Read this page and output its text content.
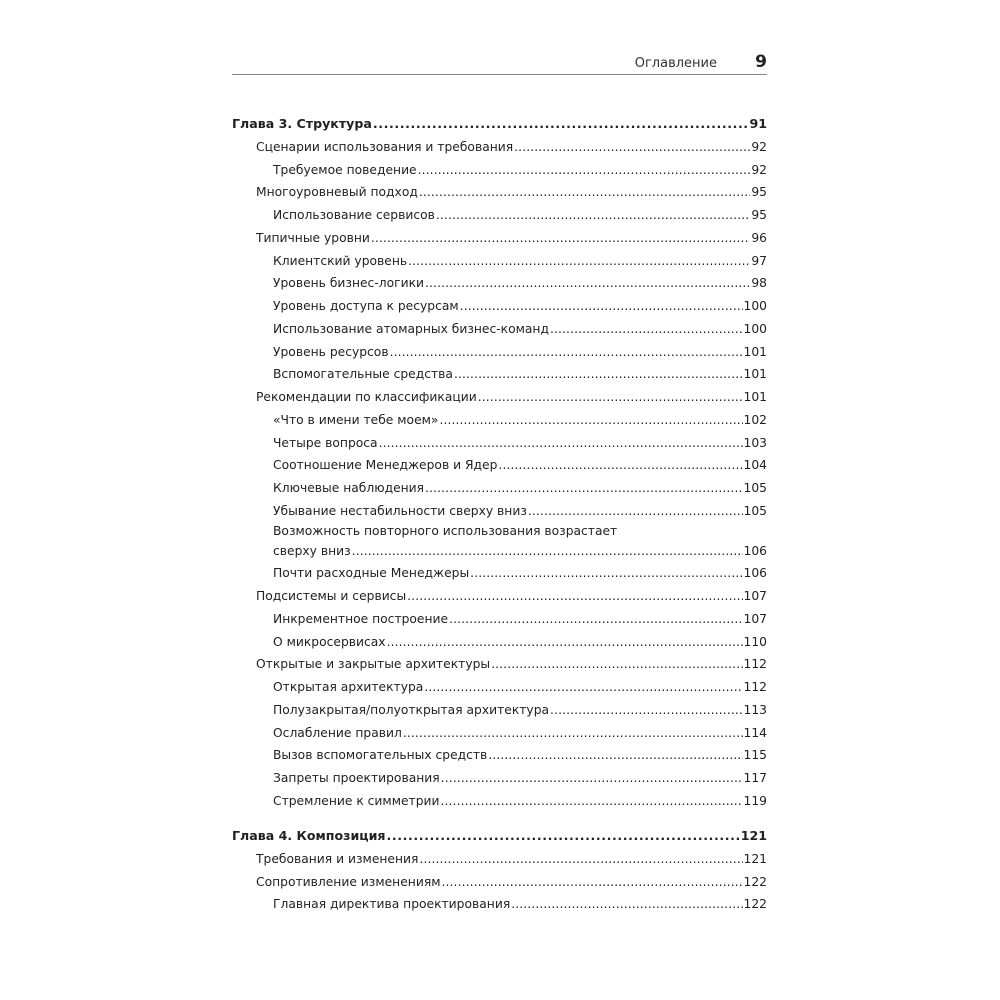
Оглавление 9
Глава 3. Структура . . .	91
Сценарии использования и требования . . .	92
Требуемое поведение . . .	92
Многоуровневый подход . . .	95
Использование сервисов . . .	95
Типичные уровни . . .	96
Клиентский уровень . . .	97
Уровень бизнес-логики . . .	98
Уровень доступа к ресурсам . . .	100
Использование атомарных бизнес-команд . . .	100
Уровень ресурсов . . .	101
Вспомогательные средства . . .	101
Рекомендации по классификации . . .	101
«Что в имени тебе моем» . . .	102
Четыре вопроса . . .	103
Соотношение Менеджеров и Ядер . . .	104
Ключевые наблюдения . . .	105
Убывание нестабильности сверху вниз . . .	105
Возможность повторного использования возрастает
сверху вниз . . .	106
Почти расходные Менеджеры . . .	106
Подсистемы и сервисы . . .	107
Инкрементное построение . . .	107
О микросервисах . . .	110
Открытые и закрытые архитектуры . . .	112
Открытая архитектура . . .	112
Полузакрытая/полуоткрытая архитектура . . .	113
Ослабление правил . . .	114
Вызов вспомогательных средств . . .	115
Запреты проектирования . . .	117
Стремление к симметрии . . .	119
Глава 4. Композиция . . .	121
Требования и изменения . . .	121
Сопротивление изменениям . . .	122
Главная директива проектирования . . .	122
